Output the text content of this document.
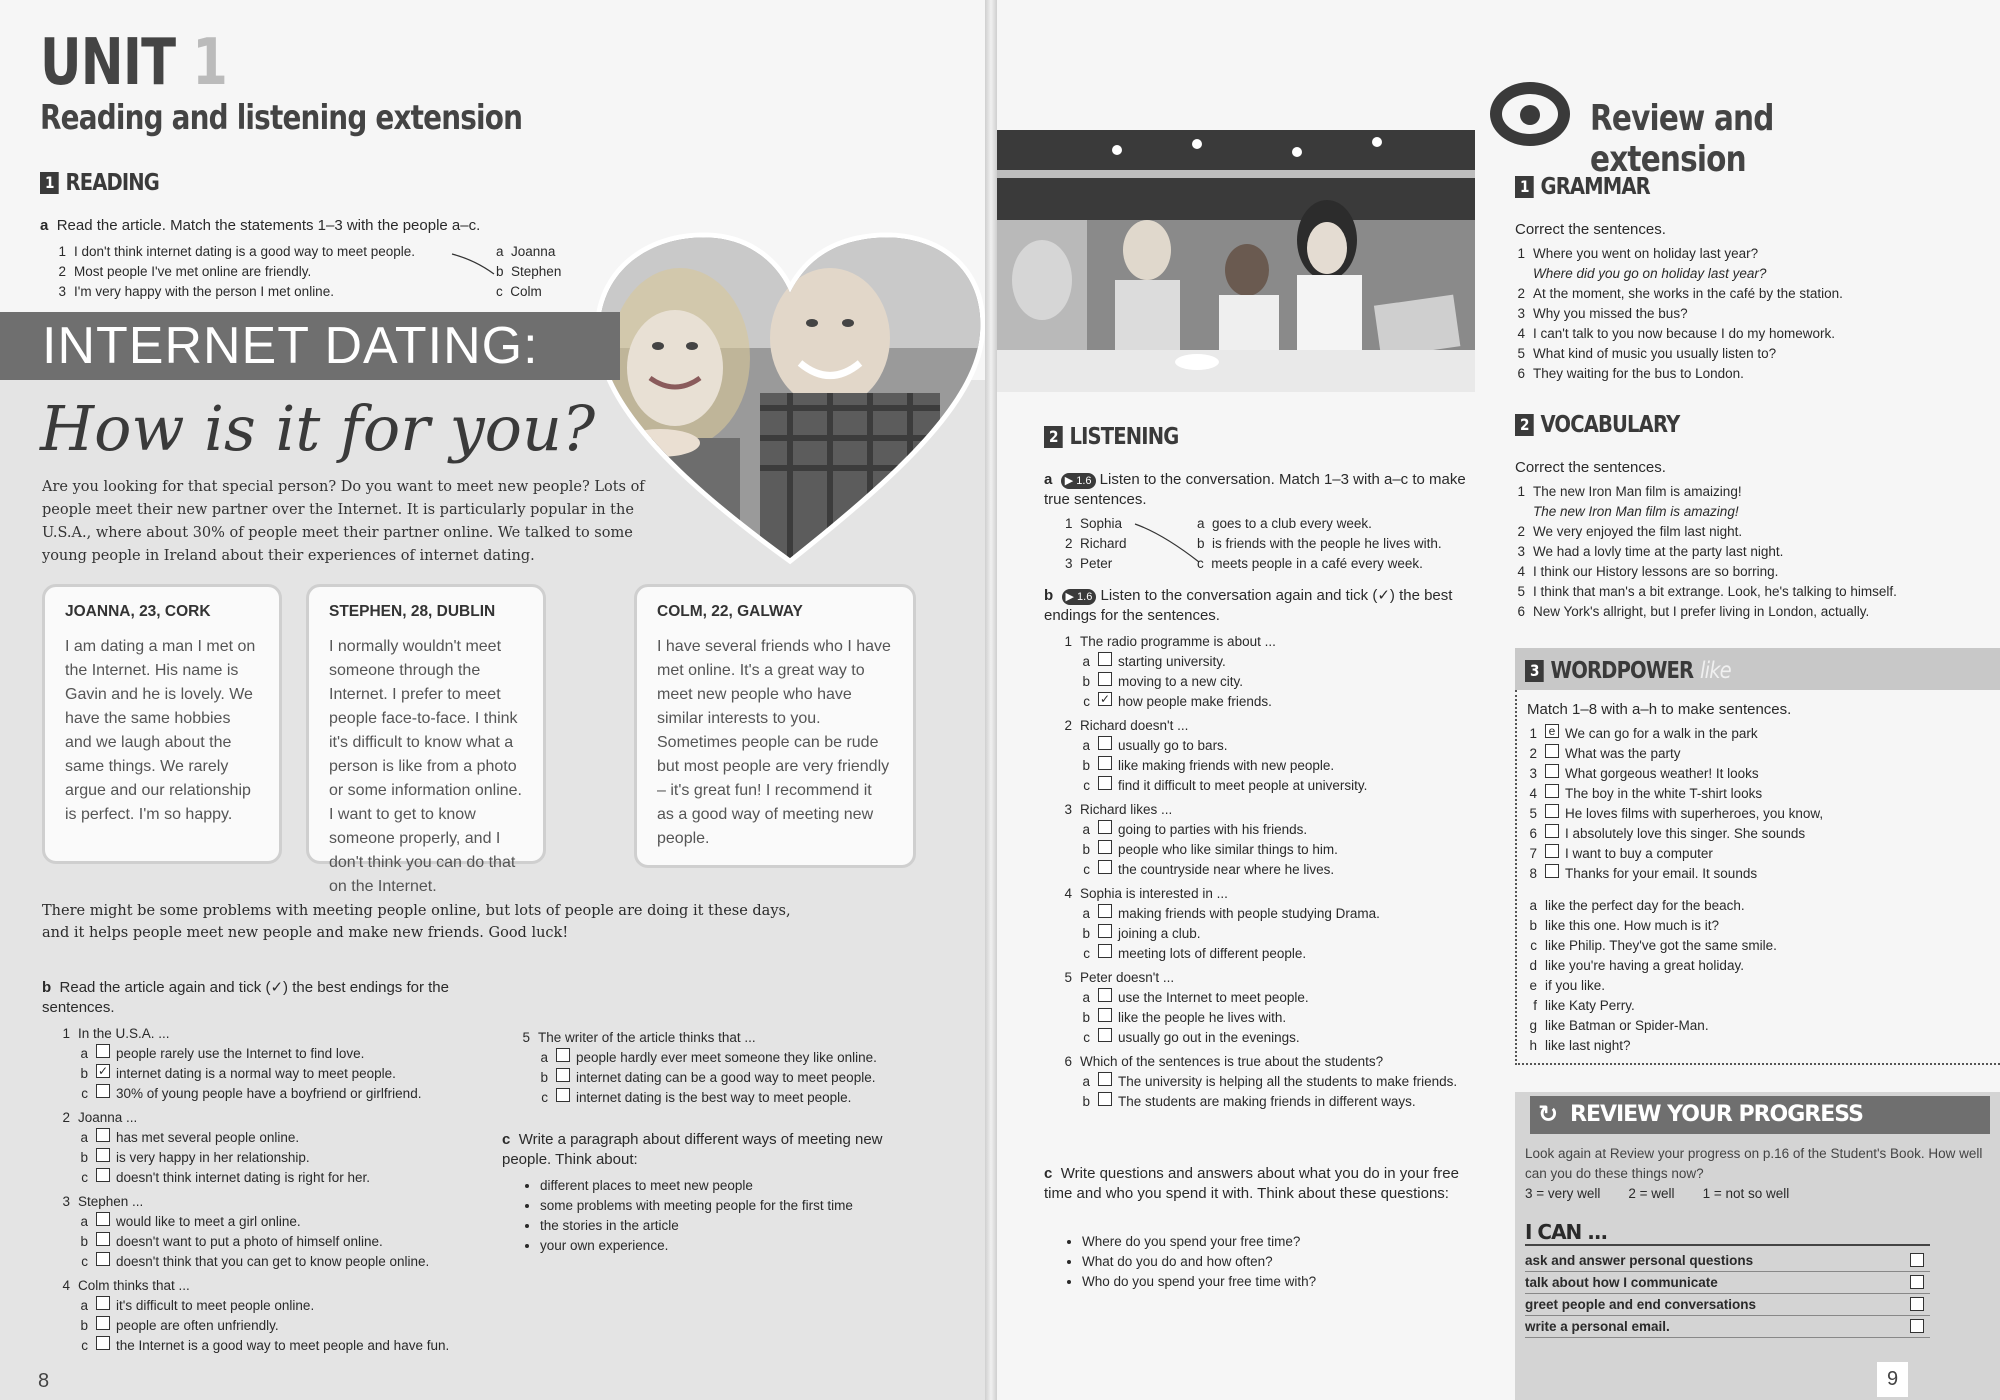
UNIT 1
Reading and listening extension
1 READING
a Read the article. Match the statements 1–3 with the people a–c.
1 I don't think internet dating is a good way to meet people.
2 Most people I've met online are friendly.
3 I'm very happy with the person I met online.
a Joanna
b Stephen
c Colm
INTERNET DATING:
How is it for you?
Are you looking for that special person? Do you want to meet new people? Lots of people meet their new partner over the Internet. It is particularly popular in the U.S.A., where about 30% of people meet their partner online. We talked to some young people in Ireland about their experiences of internet dating.
JOANNA, 23, CORK
I am dating a man I met on the Internet. His name is Gavin and he is lovely. We have the same hobbies and we laugh about the same things. We rarely argue and our relationship is perfect. I'm so happy.
STEPHEN, 28, DUBLIN
I normally wouldn't meet someone through the Internet. I prefer to meet people face-to-face. I think it's difficult to know what a person is like from a photo or some information online. I want to get to know someone properly, and I don't think you can do that on the Internet.
COLM, 22, GALWAY
I have several friends who I have met online. It's a great way to meet new people who have similar interests to you. Sometimes people can be rude but most people are very friendly – it's great fun! I recommend it as a good way of meeting new people.
There might be some problems with meeting people online, but lots of people are doing it these days, and it helps people meet new people and make new friends. Good luck!
b Read the article again and tick (✓) the best endings for the sentences.
1 In the U.S.A. ...
a people rarely use the Internet to find love.
b ✓ internet dating is a normal way to meet people.
c 30% of young people have a boyfriend or girlfriend.
2 Joanna ...
a has met several people online.
b is very happy in her relationship.
c doesn't think internet dating is right for her.
3 Stephen ...
a would like to meet a girl online.
b doesn't want to put a photo of himself online.
c doesn't think that you can get to know people online.
4 Colm thinks that ...
a it's difficult to meet people online.
b people are often unfriendly.
c the Internet is a good way to meet people and have fun.
5 The writer of the article thinks that ...
a people hardly ever meet someone they like online.
b internet dating can be a good way to meet people.
c internet dating is the best way to meet people.
c Write a paragraph about different ways of meeting new people. Think about:
• different places to meet new people
• some problems with meeting people for the first time
• the stories in the article
• your own experience.
8
Review and extension
2 LISTENING
a ▶ 1.6 Listen to the conversation. Match 1–3 with a–c to make true sentences.
1 Sophia
2 Richard
3 Peter
a goes to a club every week.
b is friends with the people he lives with.
c meets people in a café every week.
b ▶ 1.6 Listen to the conversation again and tick (✓) the best endings for the sentences.
1 The radio programme is about ...
a starting university.
b moving to a new city.
c ✓ how people make friends.
2 Richard doesn't ...
a usually go to bars.
b like making friends with new people.
c find it difficult to meet people at university.
3 Richard likes ...
a going to parties with his friends.
b people who like similar things to him.
c the countryside near where he lives.
4 Sophia is interested in ...
a making friends with people studying Drama.
b joining a club.
c meeting lots of different people.
5 Peter doesn't ...
a use the Internet to meet people.
b like the people he lives with.
c usually go out in the evenings.
6 Which of the sentences is true about the students?
a The university is helping all the students to make friends.
b The students are making friends in different ways.
c Write questions and answers about what you do in your free time and who you spend it with. Think about these questions:
• Where do you spend your free time?
• What do you do and how often?
• Who do you spend your free time with?
1 GRAMMAR
Correct the sentences.
1 Where you went on holiday last year?
Where did you go on holiday last year?
2 At the moment, she works in the café by the station.
3 Why you missed the bus?
4 I can't talk to you now because I do my homework.
5 What kind of music you usually listen to?
6 They waiting for the bus to London.
2 VOCABULARY
Correct the sentences.
1 The new Iron Man film is amaizing!
The new Iron Man film is amazing!
2 We very enjoyed the film last night.
3 We had a lovly time at the party last night.
4 I think our History lessons are so borring.
5 I think that man's a bit extrange. Look, he's talking to himself.
6 New York's allright, but I prefer living in London, actually.
3 WORDPOWER like
Match 1–8 with a–h to make sentences.
1 e We can go for a walk in the park
2 What was the party
3 What gorgeous weather! It looks
4 The boy in the white T-shirt looks
5 He loves films with superheroes, you know,
6 I absolutely love this singer. She sounds
7 I want to buy a computer
8 Thanks for your email. It sounds
a like the perfect day for the beach.
b like this one. How much is it?
c like Philip. They've got the same smile.
d like you're having a great holiday.
e if you like.
f like Katy Perry.
g like Batman or Spider-Man.
h like last night?
↻ REVIEW YOUR PROGRESS
Look again at Review your progress on p.16 of the Student's Book. How well can you do these things now?
3 = very well 2 = well 1 = not so well
I CAN ...
ask and answer personal questions
talk about how I communicate
greet people and end conversations
write a personal email.
9
